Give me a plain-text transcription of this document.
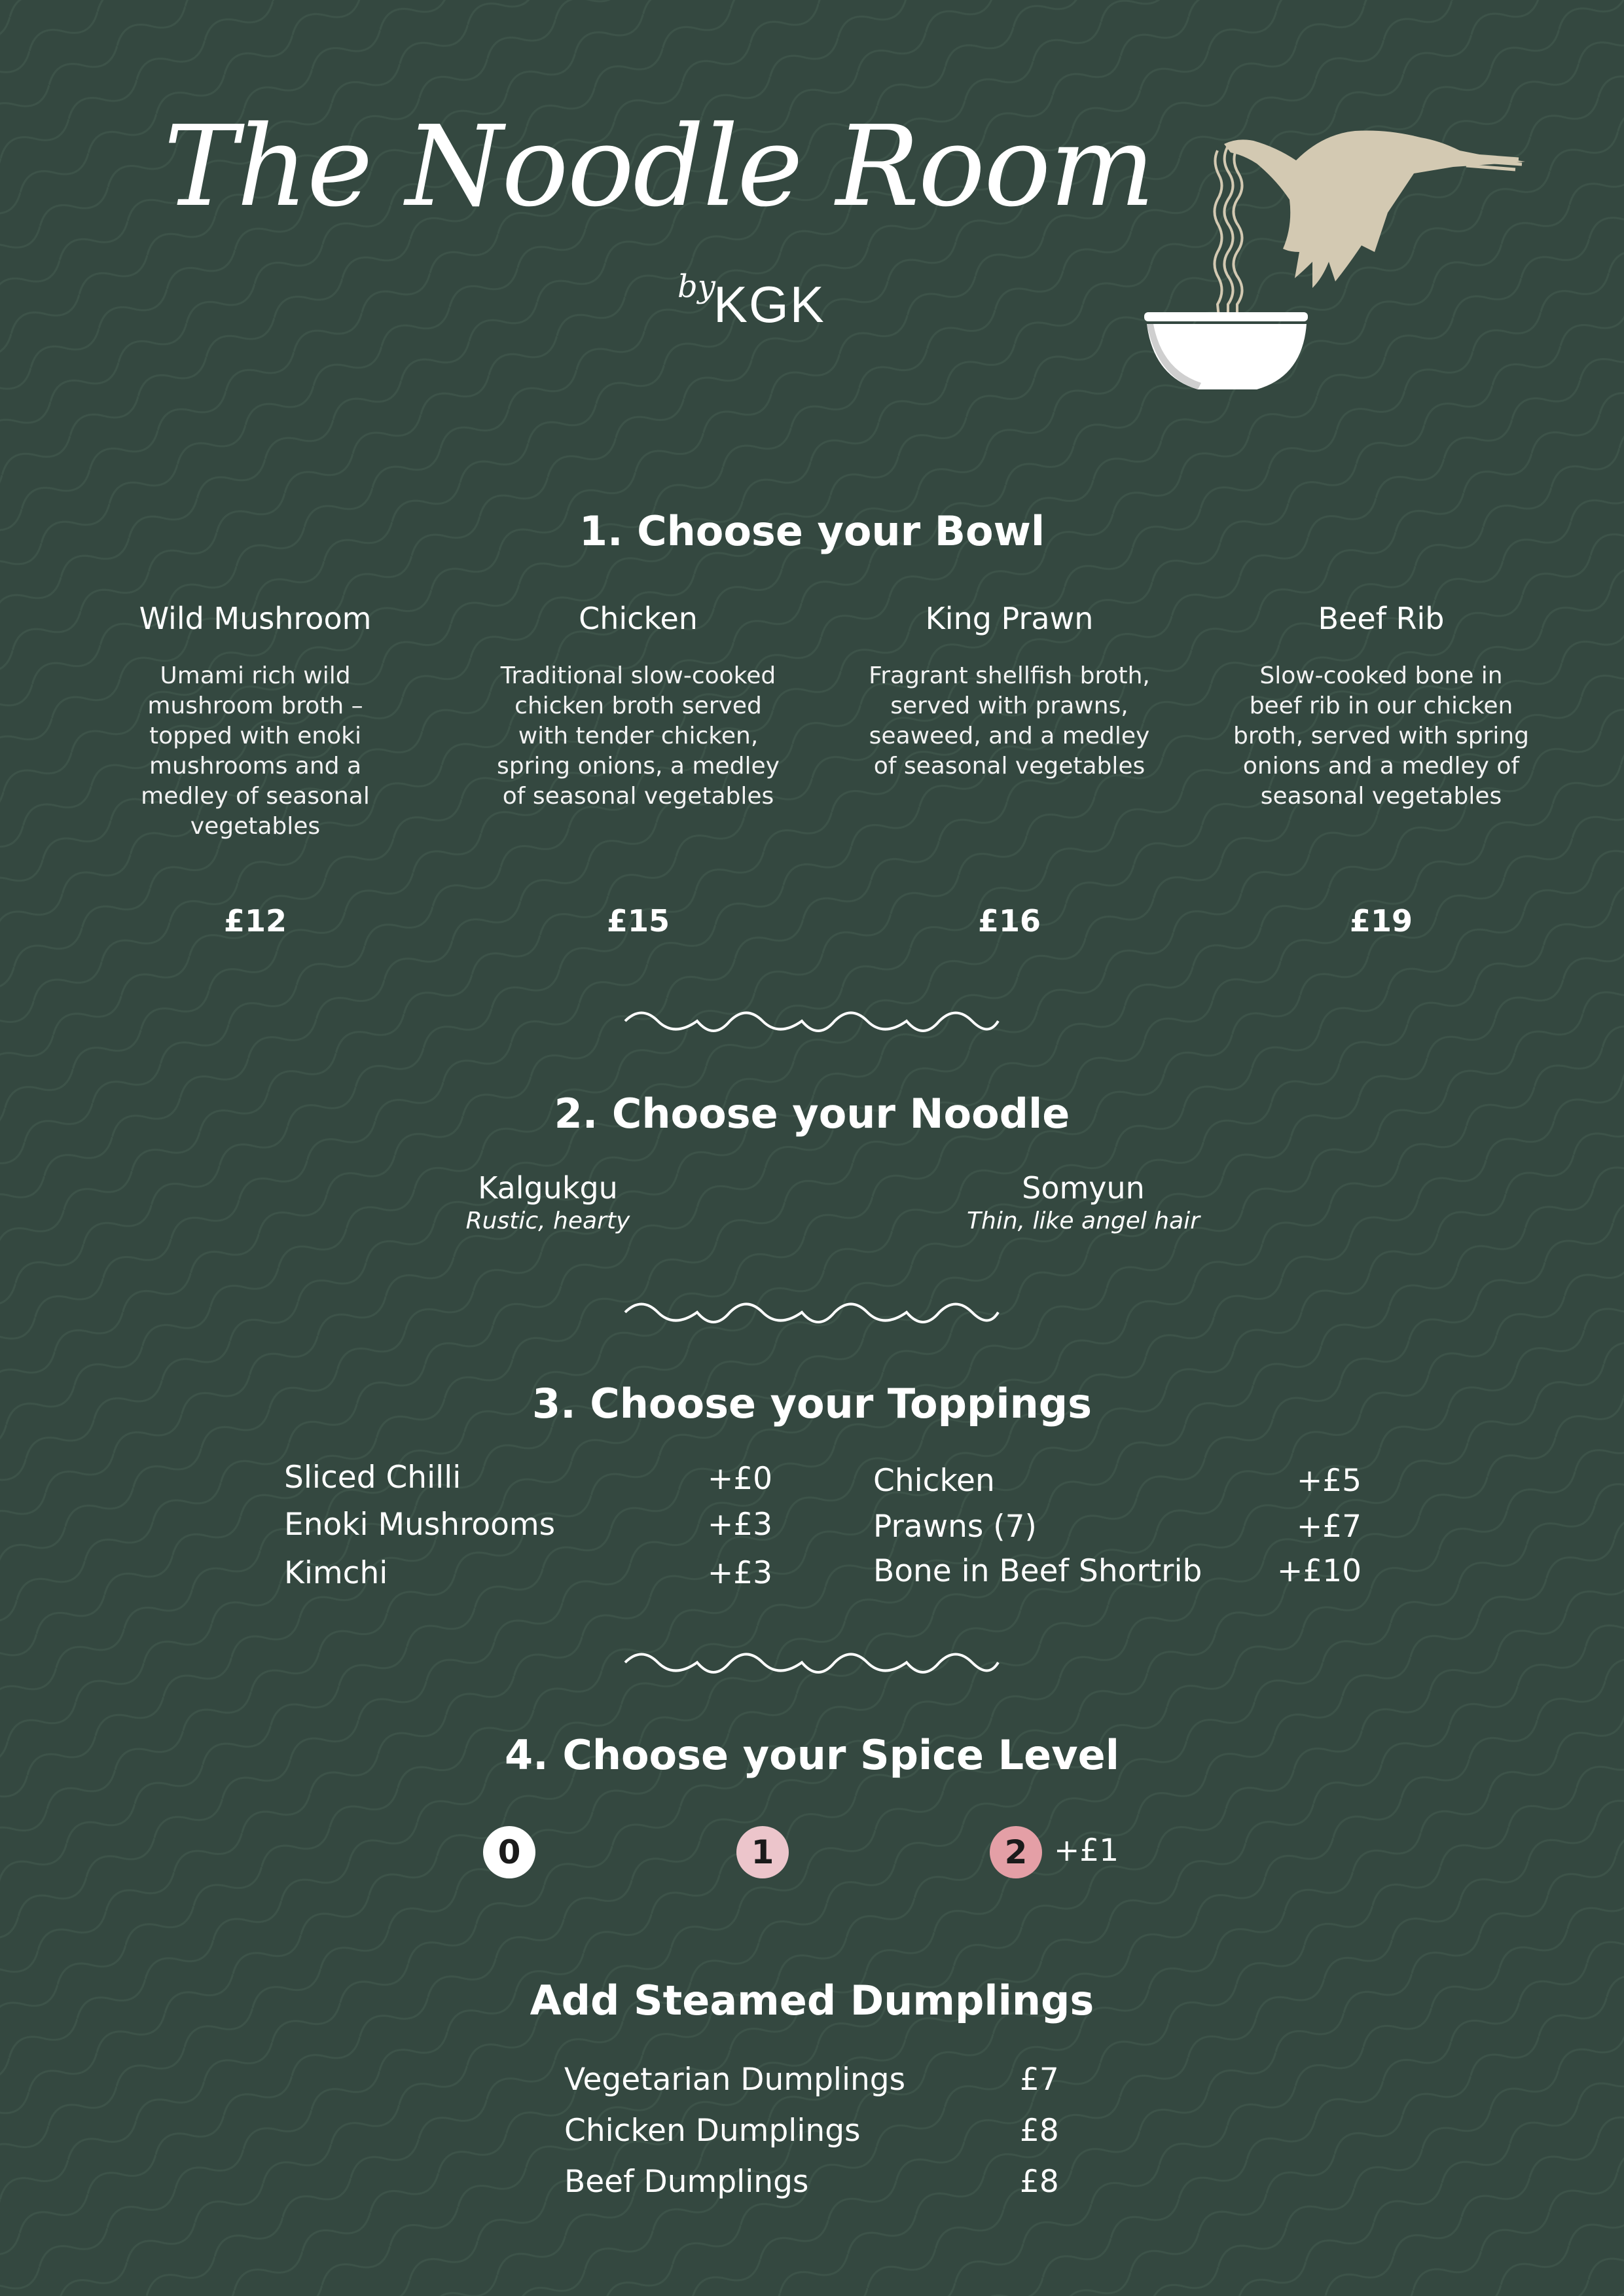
The Noodle Room
by
KGK
1. Choose your Bowl
Wild Mushroom
Umami rich wild mushroom broth – topped with enoki mushrooms and a medley of seasonal vegetables
£12
Chicken
Traditional slow-cooked chicken broth served with tender chicken, spring onions, a medley of seasonal vegetables
£15
King Prawn
Fragrant shellfish broth, served with prawns, seaweed, and a medley of seasonal vegetables
£16
Beef Rib
Slow-cooked bone in beef rib in our chicken broth, served with spring onions and a medley of seasonal vegetables
£19
2. Choose your Noodle
Kalgukgu
Rustic, hearty
Somyun
Thin, like angel hair
3. Choose your Toppings
Sliced Chilli	+£0
Enoki Mushrooms	+£3
Kimchi	+£3
Chicken	+£5
Prawns (7)	+£7
Bone in Beef Shortrib	+£10
4. Choose your Spice Level
0	1	2 +£1
Add Steamed Dumplings
Vegetarian Dumplings	£7
Chicken Dumplings	£8
Beef Dumplings	£8
